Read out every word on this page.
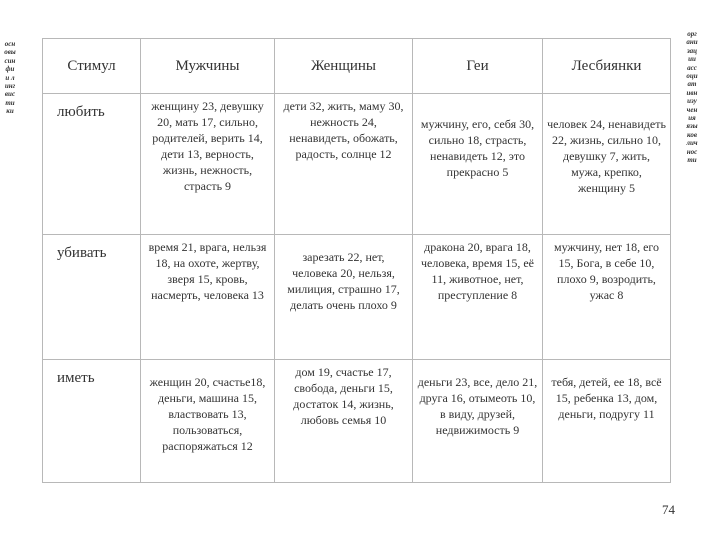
основы синфии лингвистики
организации ассоциативн изучения языков личности
Стимул	Мужчины	Женщины	Геи	Лесбиянки
любить	женщину 23, девушку 20, мать 17, сильно, родителей, верить 14, дети 13, верность, жизнь, нежность, страсть 9	дети 32, жить, маму 30, нежность 24, ненавидеть, обожать, радость, солнце 12	мужчину, его, себя 30, сильно 18, страсть, ненавидеть 12, это прекрасно 5	человек 24, ненавидеть 22, жизнь, сильно 10, девушку 7, жить, мужа, крепко, женщину 5
убивать	время 21, врага, нельзя 18, на охоте, жертву, зверя 15, кровь, насмерть, человека 13	зарезать 22, нет, человека 20, нельзя, милиция, страшно 17, делать очень плохо 9	дракона 20, врага 18, человека, время 15, её 11, животное, нет, преступление 8	мужчину, нет 18, его 15, Бога, в себе 10, плохо 9, возродить, ужас 8
иметь	женщин 20, счастье18, деньги, машина 15, властвовать 13, пользоваться, распоряжаться 12	дом 19, счастье 17, свобода, деньги 15, достаток 14, жизнь, любовь семья 10	деньги 23, все, дело 21, друга 16, отымеоть 10, в виду, друзей, недвижимость 9	тебя, детей, ее 18, всё 15, ребенка 13, дом, деньги, подругу 11
74
